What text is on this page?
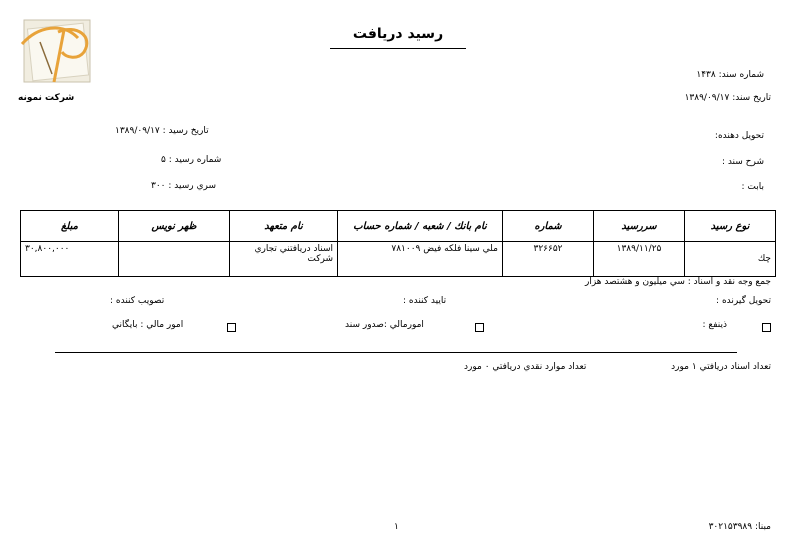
رسید دریافت
شرکت نمونه
شماره سند: ۱۴۳۸
تاریخ سند: ۱۳۸۹/۰۹/۱۷
تحویل دهنده:
شرح سند :
بابت :
تاریخ رسید : ۱۳۸۹/۰۹/۱۷
شماره رسید : ۵
سري رسید : ۳۰۰
نوع رسید	سررسید	شماره	نام بانك / شعبه / شماره حساب	نام متعهد	ظهر نویس	مبلغ
چك	۱۳۸۹/۱۱/۲۵	۳۲۶۶۵۲	ملي سینا فلكه فیض ۷۸۱۰۰۹	اسناد دریافتني تجاري شركت		۳۰,۸۰۰,۰۰۰
جمع وجه نقد و اسناد : سي میلیون و هشتصد هزار
تحویل گیرنده :
تایید كننده :
تصویب كننده :
ذینفع :
امورمالي :صدور سند
امور مالي : بایگاني
تعداد اسناد دریافتي ۱ مورد
تعداد موارد نقدي دریافتي ۰ مورد
۱	مبنا: ۳۰۲۱۵۳۹۸۹
